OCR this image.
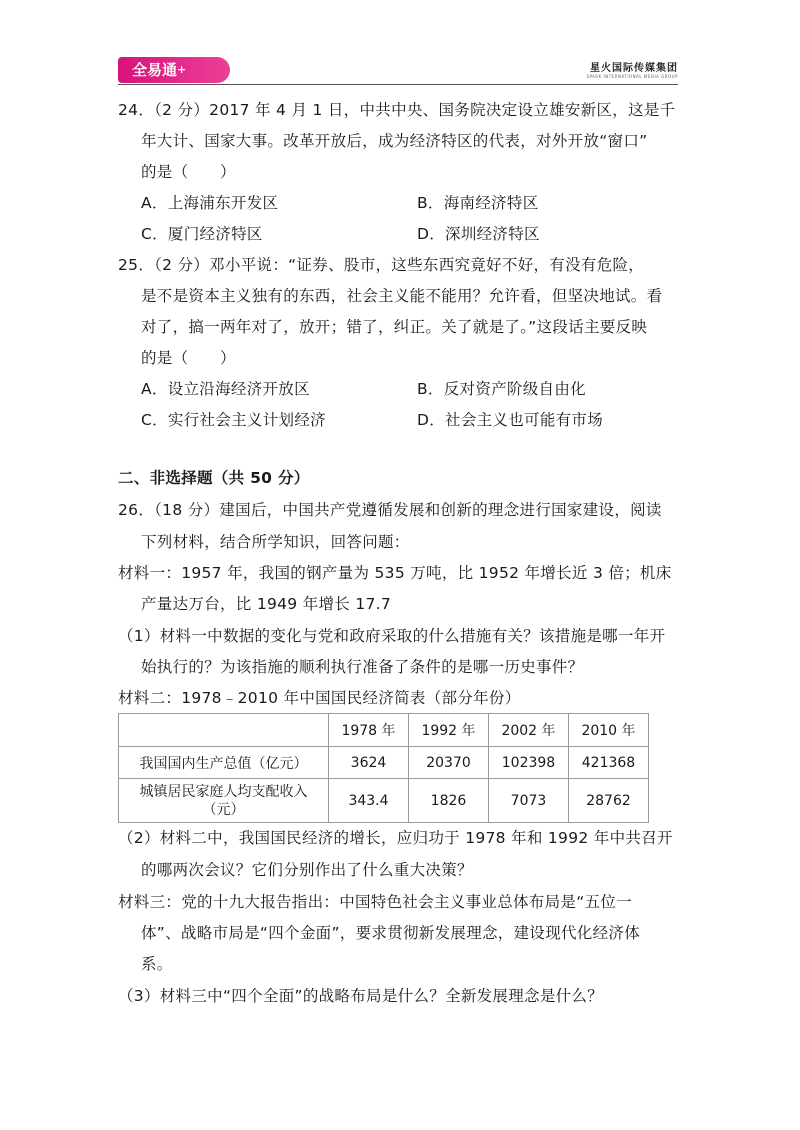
全易通+	星火国际传媒集团
SPARK INTERNATIONAL MEDIA GROUP
24．（2 分）2017 年 4 月 1 日，中共中央、国务院决定设立雄安新区，这是千
年大计、国家大事。改革开放后，成为经济特区的代表，对外开放“窗口”
的是（　　）
A．上海浦东开发区	B．海南经济特区
C．厦门经济特区	D．深圳经济特区
25．（2 分）邓小平说：“证券、股市，这些东西究竟好不好，有没有危险，
是不是资本主义独有的东西，社会主义能不能用？允许看，但坚决地试。看
对了，搞一两年对了，放开；错了，纠正。关了就是了。”这段话主要反映
的是（　　）
A．设立沿海经济开放区	B．反对资产阶级自由化
C．实行社会主义计划经济	D．社会主义也可能有市场
二、非选择题（共 50 分）
26．（18 分）建国后，中国共产党遵循发展和创新的理念进行国家建设，阅读
下列材料，结合所学知识，回答问题：
材料一：1957 年，我国的钢产量为 535 万吨，比 1952 年增长近 3 倍；机床
产量达万台，比 1949 年增长 17.7
（1）材料一中数据的变化与党和政府采取的什么措施有关？该措施是哪一年开
始执行的？为该指施的顺利执行准备了条件的是哪一历史事件？
材料二：1978﹣2010 年中国国民经济简表（部分年份）
	1978 年	1992 年	2002 年	2010 年
我国国内生产总值（亿元）	3624	20370	102398	421368

城镇居民家庭人均支配收入
（元）	343.4	1826	7073	28762
（2）材料二中，我国国民经济的增长，应归功于 1978 年和 1992 年中共召开
的哪两次会议？它们分别作出了什么重大决策？
材料三：党的十九大报告指出：中国特色社会主义事业总体布局是“五位一
体”、战略市局是“四个金面”，要求贯彻新发展理念，建设现代化经济体
系。
（3）材料三中“四个全面”的战略布局是什么？全新发展理念是什么？
